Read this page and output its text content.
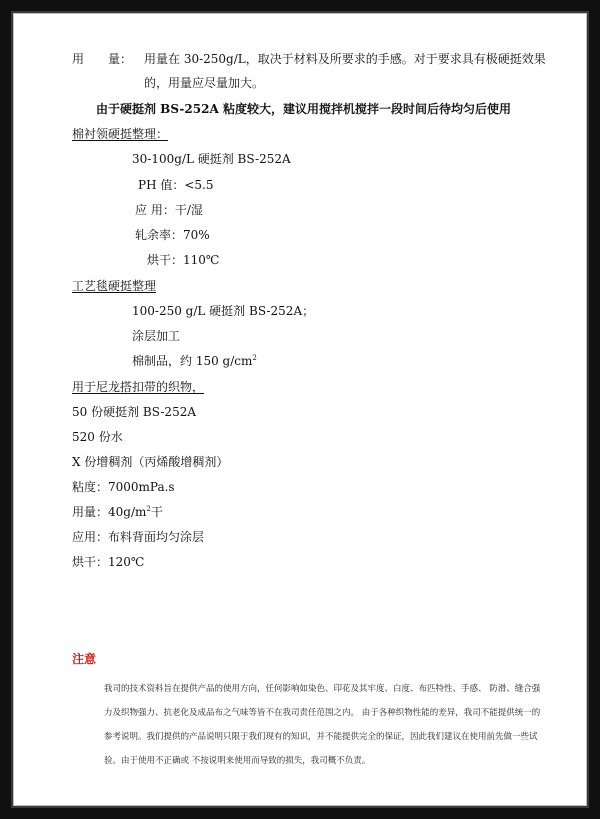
用　　量： 用量在 30-250g/L，取决于材料及所要求的手感。对于要求具有极硬挺效果
的，用量应尽量加大。
由于硬挺剂 BS-252A 粘度较大，建议用搅拌机搅拌一段时间后待均匀后使用
棉衬领硬挺整理：
30-100g/L 硬挺剂 BS-252A
PH 值：<5.5
应 用：干/湿
轧余率：70%
烘干：110℃
工艺毯硬挺整理
100-250 g/L 硬挺剂 BS-252A；
涂层加工
棉制品，约 150 $g/cm^2$
用于尼龙搭扣带的织物，
50 份硬挺剂 BS-252A
520 份水
X 份增稠剂（丙烯酸增稠剂）
粘度：7000mPa.s
用量：$40g/m^2$干
应用：布料背面均匀涂层
烘干：120℃
注意
我司的技术资料旨在提供产品的使用方向，任何影响如染色、印花及其牢度、白度、布匹特性、手感、 防滑、缝合强
力及织物强力、抗老化及成品布之气味等皆不在我司责任范围之内。 由于各种织物性能的差异，我司不能提供统一的
参考说明。我们提供的产品说明只限于我们现有的知识，并不能提供完全的保证，因此我们建议在使用前先做一些试
验。由于使用不正确或 不按说明来使用而导致的损失，我司概不负责。
